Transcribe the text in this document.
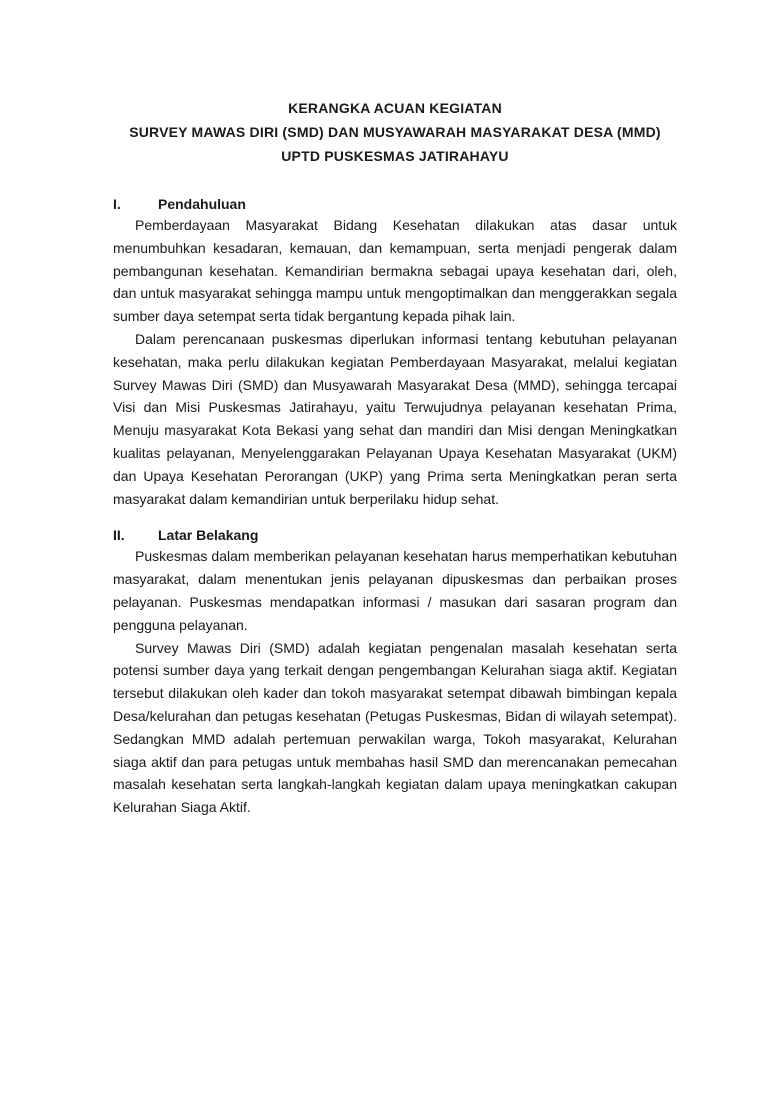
KERANGKA ACUAN KEGIATAN
SURVEY MAWAS DIRI (SMD) DAN MUSYAWARAH MASYARAKAT DESA (MMD)
UPTD PUSKESMAS JATIRAHAYU
I.	Pendahuluan

Pemberdayaan Masyarakat Bidang Kesehatan dilakukan atas dasar untuk menumbuhkan kesadaran, kemauan, dan kemampuan, serta menjadi pengerak dalam pembangunan kesehatan. Kemandirian bermakna sebagai upaya kesehatan dari, oleh, dan untuk masyarakat sehingga mampu untuk mengoptimalkan dan menggerakkan segala sumber daya setempat serta tidak bergantung kepada pihak lain.

Dalam perencanaan puskesmas diperlukan informasi tentang kebutuhan pelayanan kesehatan, maka perlu dilakukan kegiatan Pemberdayaan Masyarakat, melalui kegiatan Survey Mawas Diri (SMD) dan Musyawarah Masyarakat Desa (MMD), sehingga tercapai Visi dan Misi Puskesmas Jatirahayu, yaitu Terwujudnya pelayanan kesehatan Prima, Menuju masyarakat Kota Bekasi yang sehat dan mandiri dan Misi dengan Meningkatkan kualitas pelayanan, Menyelenggarakan Pelayanan Upaya Kesehatan Masyarakat (UKM) dan Upaya Kesehatan Perorangan (UKP) yang Prima serta Meningkatkan peran serta masyarakat dalam kemandirian untuk berperilaku hidup sehat.

II.	Latar Belakang

Puskesmas dalam memberikan pelayanan kesehatan harus memperhatikan kebutuhan masyarakat, dalam menentukan jenis pelayanan dipuskesmas dan perbaikan proses pelayanan. Puskesmas mendapatkan informasi / masukan dari sasaran program dan pengguna pelayanan.

Survey Mawas Diri (SMD) adalah kegiatan pengenalan masalah kesehatan serta potensi sumber daya yang terkait dengan pengembangan Kelurahan siaga aktif. Kegiatan tersebut dilakukan oleh kader dan tokoh masyarakat setempat dibawah bimbingan kepala Desa/kelurahan dan petugas kesehatan (Petugas Puskesmas, Bidan di wilayah setempat). Sedangkan MMD adalah pertemuan perwakilan warga, Tokoh masyarakat, Kelurahan siaga aktif dan para petugas untuk membahas hasil SMD dan merencanakan pemecahan masalah kesehatan serta langkah-langkah kegiatan dalam upaya meningkatkan cakupan Kelurahan Siaga Aktif.
